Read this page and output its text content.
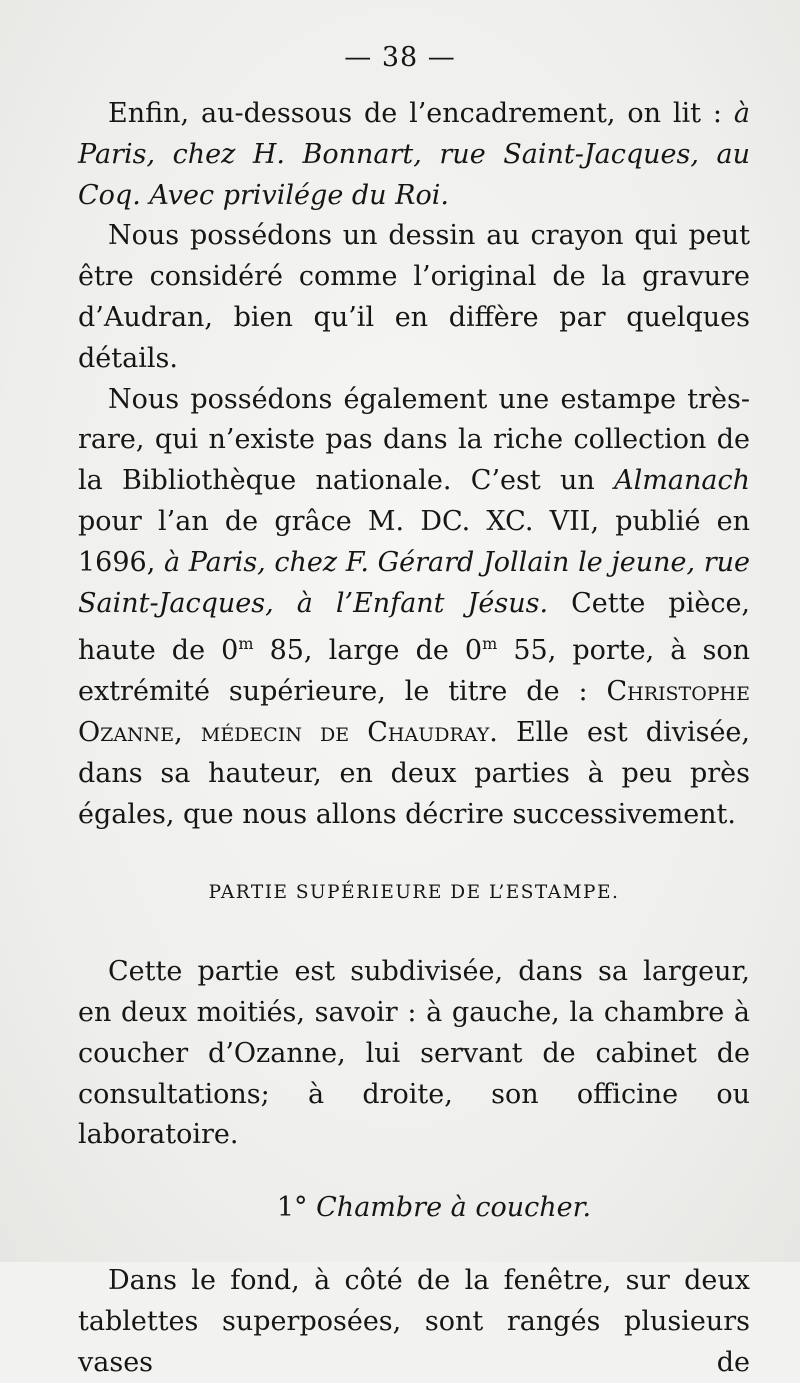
— 38 —

Enfin, au-dessous de l’encadrement, on lit : à Paris, chez H. Bonnart, rue Saint-Jacques, au Coq. Avec privilége du Roi.

Nous possédons un dessin au crayon qui peut être considéré comme l’original de la gravure d’Audran, bien qu’il en diffère par quelques détails.

Nous possédons également une estampe très-rare, qui n’existe pas dans la riche collection de la Bibliothèque nationale. C’est un Almanach pour l’an de grâce M. DC. XC. VII, publié en 1696, à Paris, chez F. Gérard Jollain le jeune, rue Saint-Jacques, à l’Enfant Jésus. Cette pièce, haute de 0$^m$ 85, large de 0$^m$ 55, porte, à son extrémité supérieure, le titre de : Christophe Ozanne, médecin de Chaudray. Elle est divisée, dans sa hauteur, en deux parties à peu près égales, que nous allons décrire successivement.

PARTIE SUPÉRIEURE DE L’ESTAMPE.

Cette partie est subdivisée, dans sa largeur, en deux moitiés, savoir : à gauche, la chambre à coucher d’Ozanne, lui servant de cabinet de consultations; à droite, son officine ou laboratoire.

1° Chambre à coucher.

Dans le fond, à côté de la fenêtre, sur deux tablettes superposées, sont rangés plusieurs vases de
